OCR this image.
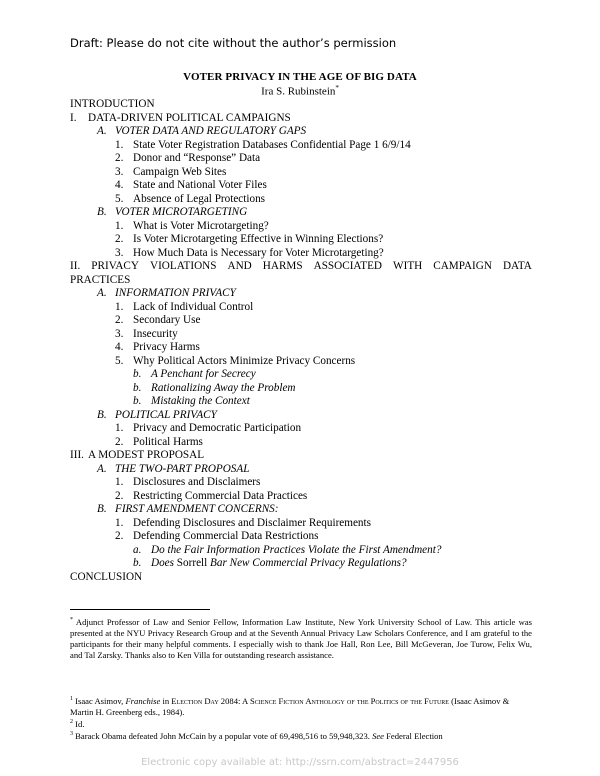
Draft: Please do not cite without the author’s permission
VOTER PRIVACY IN THE AGE OF BIG DATA
Ira S. Rubinstein*
INTRODUCTION
I. DATA-DRIVEN POLITICAL CAMPAIGNS
A. VOTER DATA AND REGULATORY GAPS
1. State Voter Registration Databases Confidential Page 1 6/9/14
2. Donor and “Response” Data
3. Campaign Web Sites
4. State and National Voter Files
5. Absence of Legal Protections
B. VOTER MICROTARGETING
1. What is Voter Microtargeting?
2. Is Voter Microtargeting Effective in Winning Elections?
3. How Much Data is Necessary for Voter Microtargeting?
II. PRIVACY VIOLATIONS AND HARMS ASSOCIATED WITH CAMPAIGN DATA
PRACTICES
A. INFORMATION PRIVACY
1. Lack of Individual Control
2. Secondary Use
3. Insecurity
4. Privacy Harms
5. Why Political Actors Minimize Privacy Concerns
b. A Penchant for Secrecy
b. Rationalizing Away the Problem
b. Mistaking the Context
B. POLITICAL PRIVACY
1. Privacy and Democratic Participation
2. Political Harms
III. A MODEST PROPOSAL
A. THE TWO-PART PROPOSAL
1. Disclosures and Disclaimers
2. Restricting Commercial Data Practices
B. FIRST AMENDMENT CONCERNS:
1. Defending Disclosures and Disclaimer Requirements
2. Defending Commercial Data Restrictions
a. Do the Fair Information Practices Violate the First Amendment?
b. Does Sorrell Bar New Commercial Privacy Regulations?
CONCLUSION
* Adjunct Professor of Law and Senior Fellow, Information Law Institute, New York University School of Law. This article was presented at the NYU Privacy Research Group and at the Seventh Annual Privacy Law Scholars Conference, and I am grateful to the participants for their many helpful comments. I especially wish to thank Joe Hall, Ron Lee, Bill McGeveran, Joe Turow, Felix Wu, and Tal Zarsky. Thanks also to Ken Villa for outstanding research assistance.
$^1$ Isaac Asimov, Franchise in Election Day 2084: A Science Fiction Anthology of the Politics of the Future (Isaac Asimov & Martin H. Greenberg eds., 1984).
$^2$ Id.
$^3$ Barack Obama defeated John McCain by a popular vote of 69,498,516 to 59,948,323. See Federal Election
Electronic copy available at: http://ssrn.com/abstract=2447956
